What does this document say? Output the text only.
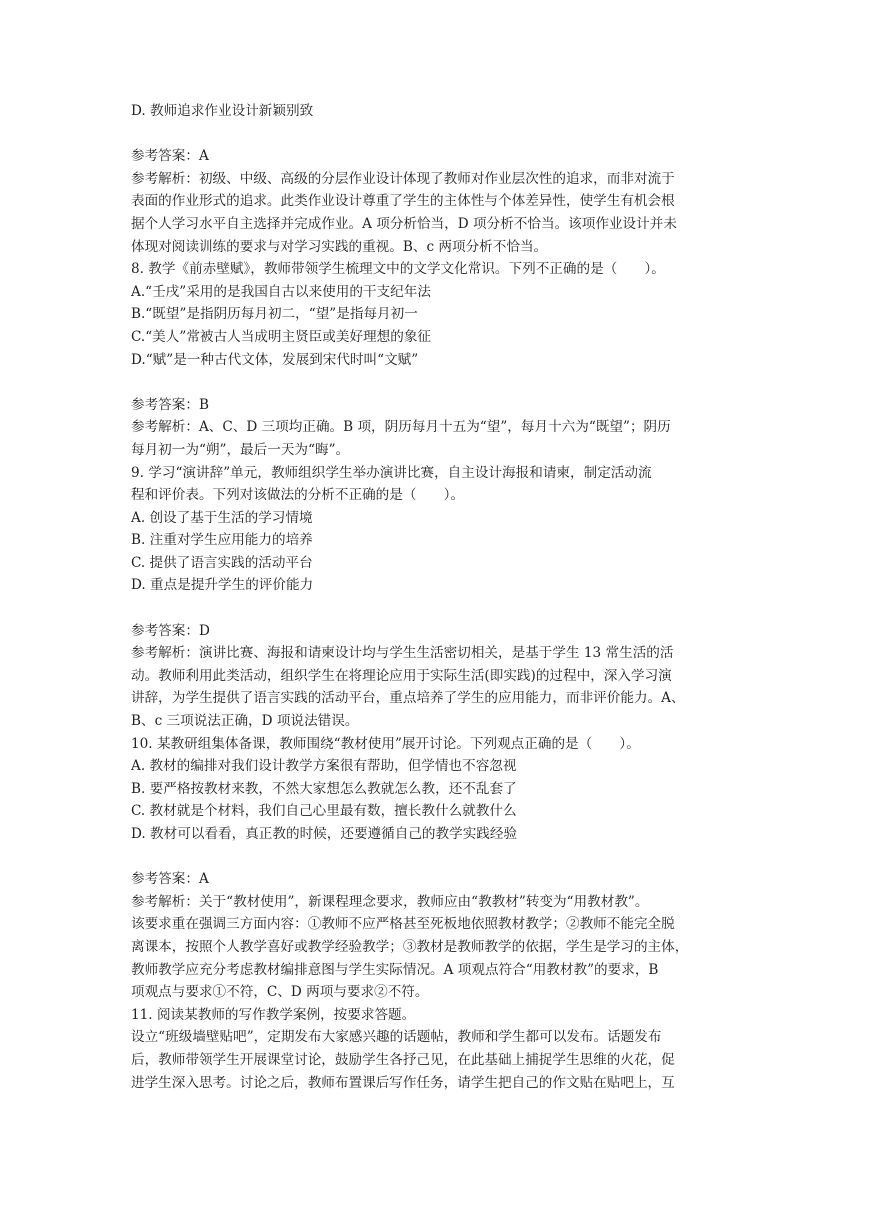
D. 教师追求作业设计新颖别致
参考答案：A
参考解析：初级、中级、高级的分层作业设计体现了教师对作业层次性的追求，而非对流于
表面的作业形式的追求。此类作业设计尊重了学生的主体性与个体差异性，使学生有机会根
据个人学习水平自主选择并完成作业。A 项分析恰当，D 项分析不恰当。该项作业设计并未
体现对阅读训练的要求与对学习实践的重视。B、c 两项分析不恰当。
8. 教学《前赤壁赋》，教师带领学生梳理文中的文学文化常识。下列不正确的是（　　）。
A.“壬戌”采用的是我国自古以来使用的干支纪年法
B.“既望”是指阴历每月初二，“望”是指每月初一
C.“美人”常被古人当成明主贤臣或美好理想的象征
D.“赋”是一种古代文体，发展到宋代时叫“文赋”
参考答案：B
参考解析：A、C、D 三项均正确。B 项，阴历每月十五为“望”，每月十六为“既望”；阴历
每月初一为“朔”，最后一天为“晦”。
9. 学习“演讲辞”单元，教师组织学生举办演讲比赛，自主设计海报和请柬，制定活动流
程和评价表。下列对该做法的分析不正确的是（　　）。
A. 创设了基于生活的学习情境
B. 注重对学生应用能力的培养
C. 提供了语言实践的活动平台
D. 重点是提升学生的评价能力
参考答案：D
参考解析：演讲比赛、海报和请柬设计均与学生生活密切相关，是基于学生 13 常生活的活
动。教师利用此类活动，组织学生在将理论应用于实际生活(即实践)的过程中，深入学习演
讲辞，为学生提供了语言实践的活动平台，重点培养了学生的应用能力，而非评价能力。A、
B、c 三项说法正确，D 项说法错误。
10. 某教研组集体备课，教师围绕“教材使用”展开讨论。下列观点正确的是（　　）。
A. 教材的编排对我们设计教学方案很有帮助，但学情也不容忽视
B. 要严格按教材来教，不然大家想怎么教就怎么教，还不乱套了
C. 教材就是个材料，我们自己心里最有数，擅长教什么就教什么
D. 教材可以看看，真正教的时候，还要遵循自己的教学实践经验
参考答案：A
参考解析：关于“教材使用”，新课程理念要求，教师应由“教教材”转变为“用教材教”。
该要求重在强调三方面内容：①教师不应严格甚至死板地依照教材教学；②教师不能完全脱
离课本，按照个人教学喜好或教学经验教学；③教材是教师教学的依据，学生是学习的主体，
教师教学应充分考虑教材编排意图与学生实际情况。A 项观点符合“用教材教”的要求，B
项观点与要求①不符，C、D 两项与要求②不符。
11. 阅读某教师的写作教学案例，按要求答题。
设立“班级墙壁贴吧”，定期发布大家感兴趣的话题帖，教师和学生都可以发布。话题发布
后，教师带领学生开展课堂讨论，鼓励学生各抒己见，在此基础上捕捉学生思维的火花，促
进学生深入思考。讨论之后，教师布置课后写作任务，请学生把自己的作文贴在贴吧上，互
